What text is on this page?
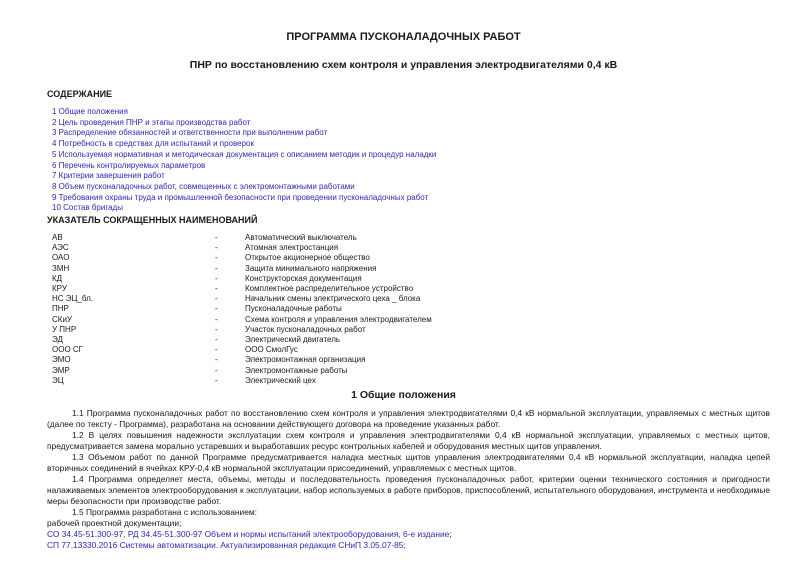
ПРОГРАММА ПУСКОНАЛАДОЧНЫХ РАБОТ
ПНР по восстановлению схем контроля и управления электродвигателями 0,4 кВ
СОДЕРЖАНИЕ
1 Общие положения
2 Цель проведения ПНР и этапы производства работ
3 Распределение обязанностей и ответственности при выполнении работ
4 Потребность в средствах для испытаний и проверок
5 Используемая нормативная и методическая документация с описанием методик и процедур наладки
6 Перечень контролируемых параметров
7 Критерии завершения работ
8 Объем пусконаладочных работ, совмещенных с электромонтажными работами
9 Требования охраны труда и промышленной безопасности при проведении пусконаладочных работ
10 Состав бригады
УКАЗАТЕЛЬ СОКРАЩЕННЫХ НАИМЕНОВАНИЙ
АВ	-	Автоматический выключатель
АЭС	-	Атомная электростанция
ОАО	-	Открытое акционерное общество
ЗМН	-	Защита минимального напряжения
КД	-	Конструкторская документация
КРУ	-	Комплектное распределительное устройство
НС ЭЦ_бл.	-	Начальник смены электрического цеха _ блока
ПНР	-	Пусконаладочные работы
СКиУ	-	Схема контроля и управления электродвигателем
У ПНР	-	Участок пусконаладочных работ
ЭД	-	Электрический двигатель
ООО СГ	-	ООО СмолГус
ЭМО	-	Электромонтажная организация
ЭМР	-	Электромонтажные работы
ЭЦ	-	Электрический цех
1 Общие положения

1.1 Программа пусконаладочных работ по восстановлению схем контроля и управления электродвигателями 0,4 кВ нормальной эксплуатации, управляемых с местных щитов (далее по тексту - Программа), разработана на основании действующего договора на проведение указанных работ.

1.2 В целях повышения надежности эксплуатации схем контроля и управления электродвигателями 0,4 кВ нормальной эксплуатации, управляемых с местных щитов, предусматривается замена морально устаревших и выработавших ресурс контрольных кабелей и оборудования местных щитов управления.

1.3 Объемом работ по данной Программе предусматривается наладка местных щитов управления электродвигателями 0,4 кВ нормальной эксплуатации, наладка цепей вторичных соединений в ячейках КРУ-0,4 кВ нормальной эксплуатации присоединений, управляемых с местных щитов.

1.4 Программа определяет места, объемы, методы и последовательность проведения пусконаладочных работ, критерии оценки технического состояния и пригодности налаживаемых элементов электрооборудования к эксплуатации, набор используемых в работе приборов, приспособлений, испытательного оборудования, инструмента и необходимые меры безопасности при производстве работ.

1.5 Программа разработана с использованием:

рабочей проектной документации;

СО 34.45-51.300-97, РД 34.45-51.300-97 Объем и нормы испытаний электрооборудования, 6-е издание;

СП 77.13330.2016 Системы автоматизации. Актуализированная редакция СНиП 3.05.07-85;
